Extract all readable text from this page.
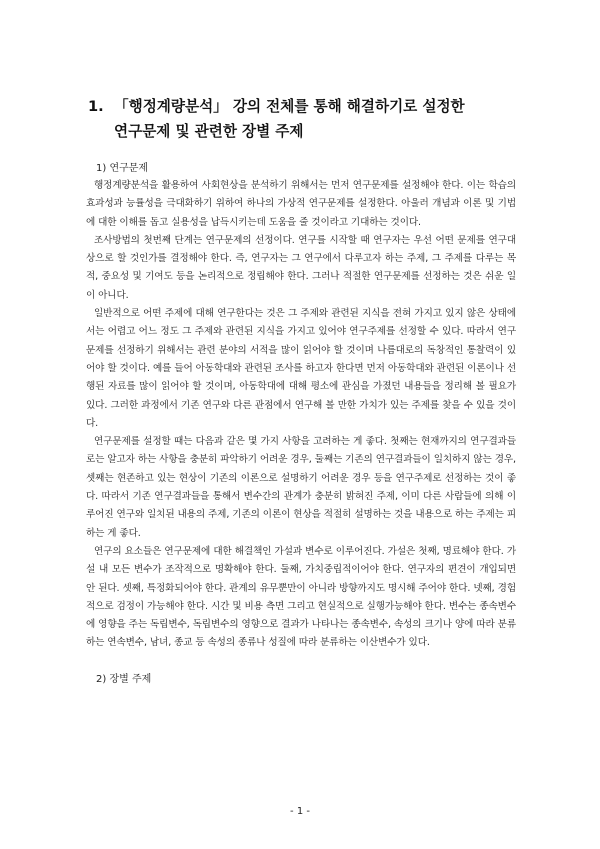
1. 「행정계량분석」 강의 전체를 통해 해결하기로 설정한
연구문제 및 관련한 장별 주제

1) 연구문제

행정계량분석을 활용하여 사회현상을 분석하기 위해서는 먼저 연구문제를 설정해야 한다. 이는 학습의 효과성과 능률성을 극대화하기 위하여 하나의 가상적 연구문제를 설정한다. 아울러 개념과 이론 및 기법에 대한 이해를 돕고 실용성을 납득시키는데 도움을 줄 것이라고 기대하는 것이다.

조사방법의 첫번째 단계는 연구문제의 선정이다. 연구를 시작할 때 연구자는 우선 어떤 문제를 연구대상으로 할 것인가를 결정해야 한다. 즉, 연구자는 그 연구에서 다루고자 하는 주제, 그 주제를 다루는 목적, 중요성 및 기여도 등을 논리적으로 정립해야 한다. 그러나 적절한 연구문제를 선정하는 것은 쉬운 일이 아니다.

일반적으로 어떤 주제에 대해 연구한다는 것은 그 주제와 관련된 지식을 전혀 가지고 있지 않은 상태에서는 어렵고 어느 정도 그 주제와 관련된 지식을 가지고 있어야 연구주제를 선정할 수 있다. 따라서 연구문제를 선정하기 위해서는 관련 분야의 서적을 많이 읽어야 할 것이며 나름대로의 독창적인 통찰력이 있어야 할 것이다. 예를 들어 아동학대와 관련된 조사를 하고자 한다면 먼저 아동학대와 관련된 이론이나 선행된 자료를 많이 읽어야 할 것이며, 아동학대에 대해 평소에 관심을 가졌던 내용들을 정리해 볼 필요가 있다. 그러한 과정에서 기존 연구와 다른 관점에서 연구해 볼 만한 가치가 있는 주제를 찾을 수 있을 것이다.

연구문제를 설정할 때는 다음과 같은 몇 가지 사항을 고려하는 게 좋다. 첫째는 현재까지의 연구결과들로는 알고자 하는 사항을 충분히 파악하기 어려운 경우, 둘째는 기존의 연구결과들이 일치하지 않는 경우, 셋째는 현존하고 있는 현상이 기존의 이론으로 설명하기 어려운 경우 등을 연구주제로 선정하는 것이 좋다. 따라서 기존 연구결과들을 통해서 변수간의 관계가 충분히 밝혀진 주제, 이미 다른 사람들에 의해 이루어진 연구와 일치된 내용의 주제, 기존의 이론이 현상을 적절히 설명하는 것을 내용으로 하는 주제는 피하는 게 좋다.

연구의 요소들은 연구문제에 대한 해결책인 가설과 변수로 이루어진다. 가설은 첫째, 명료해야 한다. 가설 내 모든 변수가 조작적으로 명확해야 한다. 둘째, 가치중립적이어야 한다. 연구자의 편견이 개입되면 안 된다. 셋째, 특정화되어야 한다. 관계의 유무뿐만이 아니라 방향까지도 명시해 주어야 한다. 넷째, 경험적으로 검정이 가능해야 한다. 시간 및 비용 측면 그리고 현실적으로 실행가능해야 한다. 변수는 종속변수에 영향을 주는 독립변수, 독립변수의 영향으로 결과가 나타나는 종속변수, 속성의 크기나 양에 따라 분류하는 연속변수, 남녀, 종교 등 속성의 종류나 성질에 따라 분류하는 이산변수가 있다.

2) 장별 주제

- 1 -
